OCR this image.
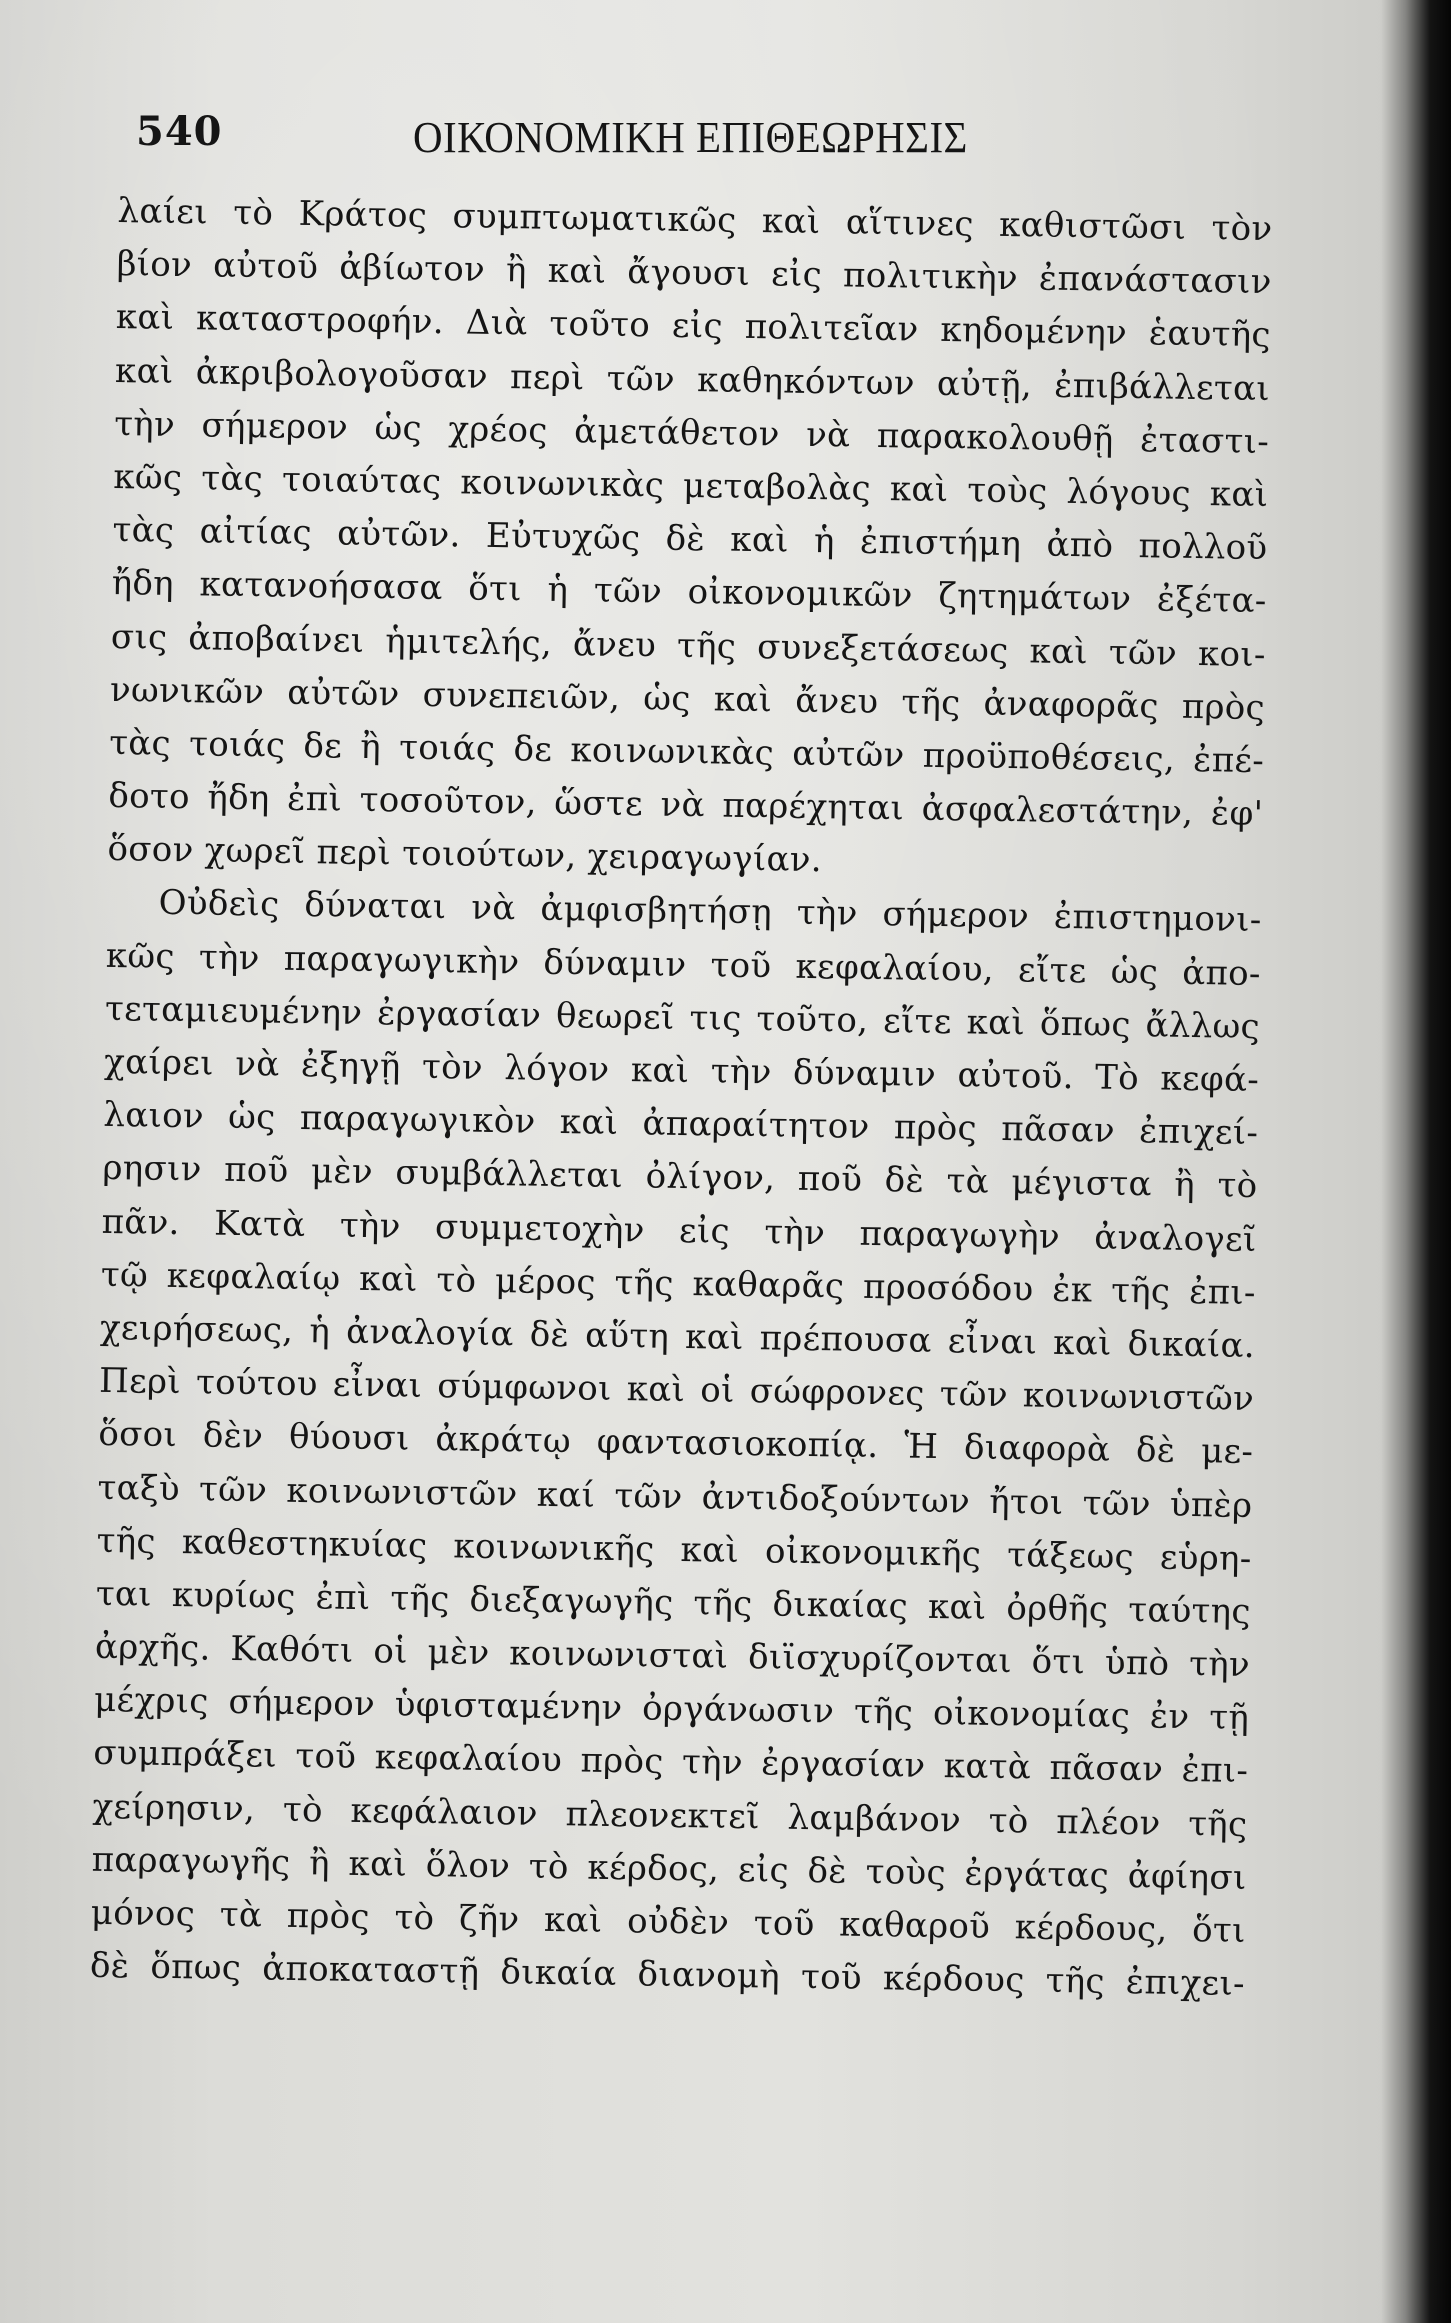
540	ΟΙΚΟΝΟΜΙΚΗ ΕΠΙΘΕΩΡΗΣΙΣ
λαίει τὸ Κράτος συμπτωματικῶς καὶ αἵτινες καθιστῶσι τὸν
βίον αὐτοῦ ἀβίωτον ἢ καὶ ἄγουσι εἰς πολιτικὴν ἐπανάστασιν
καὶ καταστροφήν. Διὰ τοῦτο εἰς πολιτεῖαν κηδομένην ἑαυτῆς
καὶ ἀκριβολογοῦσαν περὶ τῶν καθηκόντων αὐτῇ, ἐπιβάλλεται
τὴν σήμερον ὡς χρέος ἀμετάθετον νὰ παρακολουθῇ ἐταστι-
κῶς τὰς τοιαύτας κοινωνικὰς μεταβολὰς καὶ τοὺς λόγους καὶ
τὰς αἰτίας αὐτῶν. Εὐτυχῶς δὲ καὶ ἡ ἐπιστήμη ἀπὸ πολλοῦ
ἤδη κατανοήσασα ὅτι ἡ τῶν οἰκονομικῶν ζητημάτων ἐξέτα-
σις ἀποβαίνει ἡμιτελής, ἄνευ τῆς συνεξετάσεως καὶ τῶν κοι-
νωνικῶν αὐτῶν συνεπειῶν, ὡς καὶ ἄνευ τῆς ἀναφορᾶς πρὸς
τὰς τοιάς δε ἢ τοιάς δε κοινωνικὰς αὐτῶν προϋποθέσεις, ἐπέ-
δοτο ἤδη ἐπὶ τοσοῦτον, ὥστε νὰ παρέχηται ἀσφαλεστάτην, ἐφ'
ὅσον χωρεῖ περὶ τοιούτων, χειραγωγίαν.
Οὐδεὶς δύναται νὰ ἀμφισβητήσῃ τὴν σήμερον ἐπιστημονι-
κῶς τὴν παραγωγικὴν δύναμιν τοῦ κεφαλαίου, εἴτε ὡς ἀπο-
τεταμιευμένην ἐργασίαν θεωρεῖ τις τοῦτο, εἴτε καὶ ὅπως ἄλλως
χαίρει νὰ ἐξηγῇ τὸν λόγον καὶ τὴν δύναμιν αὐτοῦ. Τὸ κεφά-
λαιον ὡς παραγωγικὸν καὶ ἀπαραίτητον πρὸς πᾶσαν ἐπιχεί-
ρησιν ποῦ μὲν συμβάλλεται ὀλίγον, ποῦ δὲ τὰ μέγιστα ἢ τὸ
πᾶν. Κατὰ τὴν συμμετοχὴν εἰς τὴν παραγωγὴν ἀναλογεῖ
τῷ κεφαλαίῳ καὶ τὸ μέρος τῆς καθαρᾶς προσόδου ἐκ τῆς ἐπι-
χειρήσεως, ἡ ἀναλογία δὲ αὕτη καὶ πρέπουσα εἶναι καὶ δικαία.
Περὶ τούτου εἶναι σύμφωνοι καὶ οἱ σώφρονες τῶν κοινωνιστῶν
ὅσοι δὲν θύουσι ἀκράτῳ φαντασιοκοπίᾳ. Ἡ διαφορὰ δὲ με-
ταξὺ τῶν κοινωνιστῶν καί τῶν ἀντιδοξούντων ἤτοι τῶν ὑπὲρ
τῆς καθεστηκυίας κοινωνικῆς καὶ οἰκονομικῆς τάξεως εὑρη-
ται κυρίως ἐπὶ τῆς διεξαγωγῆς τῆς δικαίας καὶ ὀρθῆς ταύτης
ἀρχῆς. Καθότι οἱ μὲν κοινωνισταὶ διϊσχυρίζονται ὅτι ὑπὸ τὴν
μέχρις σήμερον ὑφισταμένην ὀργάνωσιν τῆς οἰκονομίας ἐν τῇ
συμπράξει τοῦ κεφαλαίου πρὸς τὴν ἐργασίαν κατὰ πᾶσαν ἐπι-
χείρησιν, τὸ κεφάλαιον πλεονεκτεῖ λαμβάνον τὸ πλέον τῆς
παραγωγῆς ἢ καὶ ὅλον τὸ κέρδος, εἰς δὲ τοὺς ἐργάτας ἀφίησι
μόνος τὰ πρὸς τὸ ζῆν καὶ οὐδὲν τοῦ καθαροῦ κέρδους, ὅτι
δὲ ὅπως ἀποκαταστῇ δικαία διανομὴ τοῦ κέρδους τῆς ἐπιχει-
